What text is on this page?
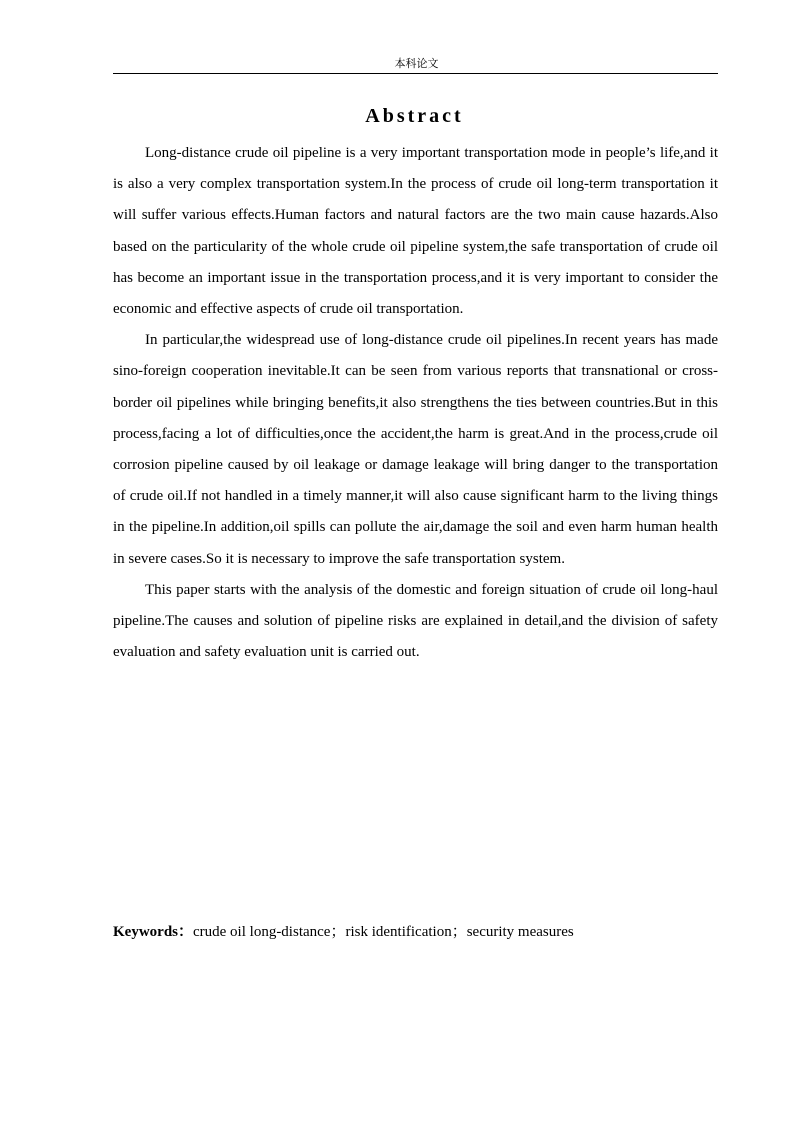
本科论文
Abstract

Long-distance crude oil pipeline is a very important transportation mode in people’s life,and it is also a very complex transportation system.In the process of crude oil long-term transportation it will suffer various effects.Human factors and natural factors are the two main cause hazards.Also based on the particularity of the whole crude oil pipeline system,the safe transportation of crude oil has become an important issue in the transportation process,and it is very important to consider the economic and effective aspects of crude oil transportation.

In particular,the widespread use of long-distance crude oil pipelines.In recent years has made sino-foreign cooperation inevitable.It can be seen from various reports that transnational or cross-border oil pipelines while bringing benefits,it also strengthens the ties between countries.But in this process,facing a lot of difficulties,once the accident,the harm is great.And in the process,crude oil corrosion pipeline caused by oil leakage or damage leakage will bring danger to the transportation of crude oil.If not handled in a timely manner,it will also cause significant harm to the living things in the pipeline.In addition,oil spills can pollute the air,damage the soil and even harm human health in severe cases.So it is necessary to improve the safe transportation system.

This paper starts with the analysis of the domestic and foreign situation of crude oil long-haul pipeline.The causes and solution of pipeline risks are explained in detail,and the division of safety evaluation and safety evaluation unit is carried out.

Keywords：crude oil long-distance；risk identification；security measures
